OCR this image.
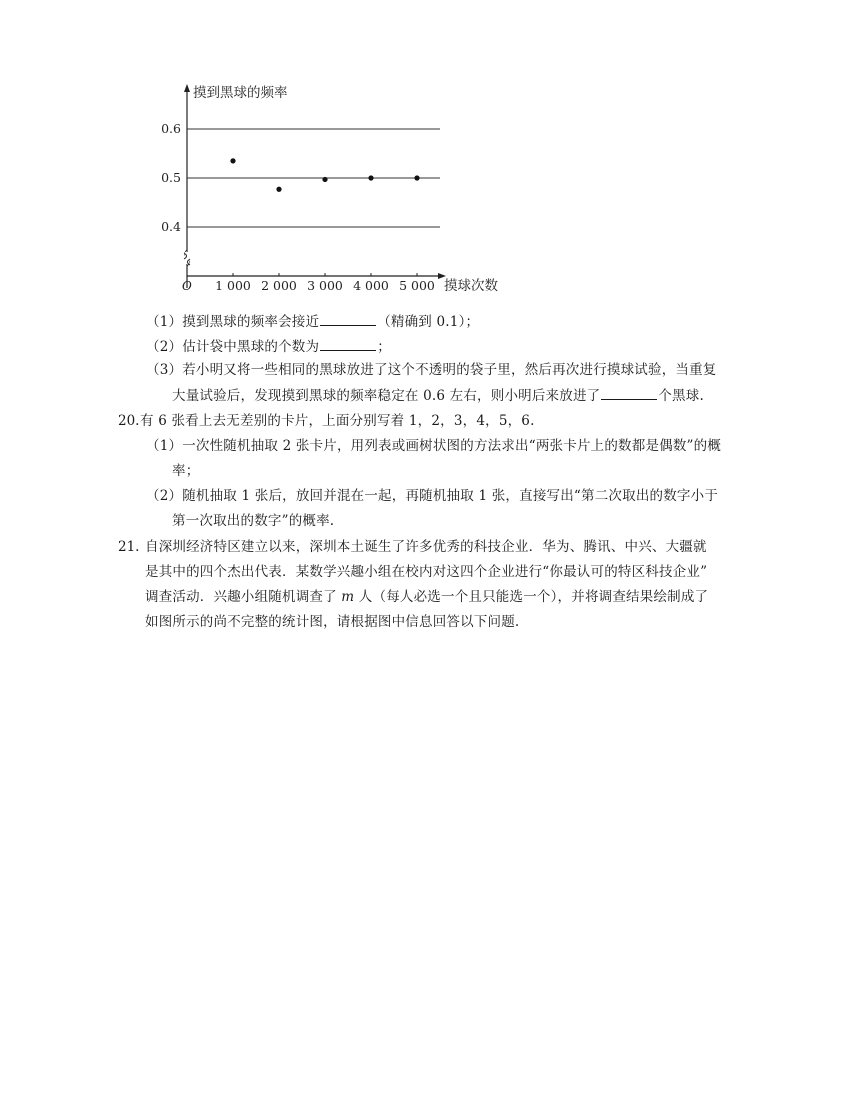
摸到黑球的频率
摸球次数
O
0.4
0.5
0.6
1 000 2 000 3 000 4 000 5 000
（1）摸到黑球的频率会接近	（精确到 0.1）；
（2）估计袋中黑球的个数为	；
（3）若小明又将一些相同的黑球放进了这个不透明的袋子里，然后再次进行摸球试验，当重复
大量试验后，发现摸到黑球的频率稳定在 0.6 左右，则小明后来放进了	个黑球.
20. 有 6 张看上去无差别的卡片，上面分别写着 1，2，3，4，5，6.
（1）一次性随机抽取 2 张卡片，用列表或画树状图的方法求出“两张卡片上的数都是偶数”的概
率；
（2）随机抽取 1 张后，放回并混在一起，再随机抽取 1 张，直接写出“第二次取出的数字小于
第一次取出的数字”的概率.
21. 自深圳经济特区建立以来，深圳本土诞生了许多优秀的科技企业．华为、腾讯、中兴、大疆就
是其中的四个杰出代表．某数学兴趣小组在校内对这四个企业进行“你最认可的特区科技企业”
调查活动．兴趣小组随机调查了 m 人（每人必选一个且只能选一个），并将调查结果绘制成了
如图所示的尚不完整的统计图，请根据图中信息回答以下问题.
